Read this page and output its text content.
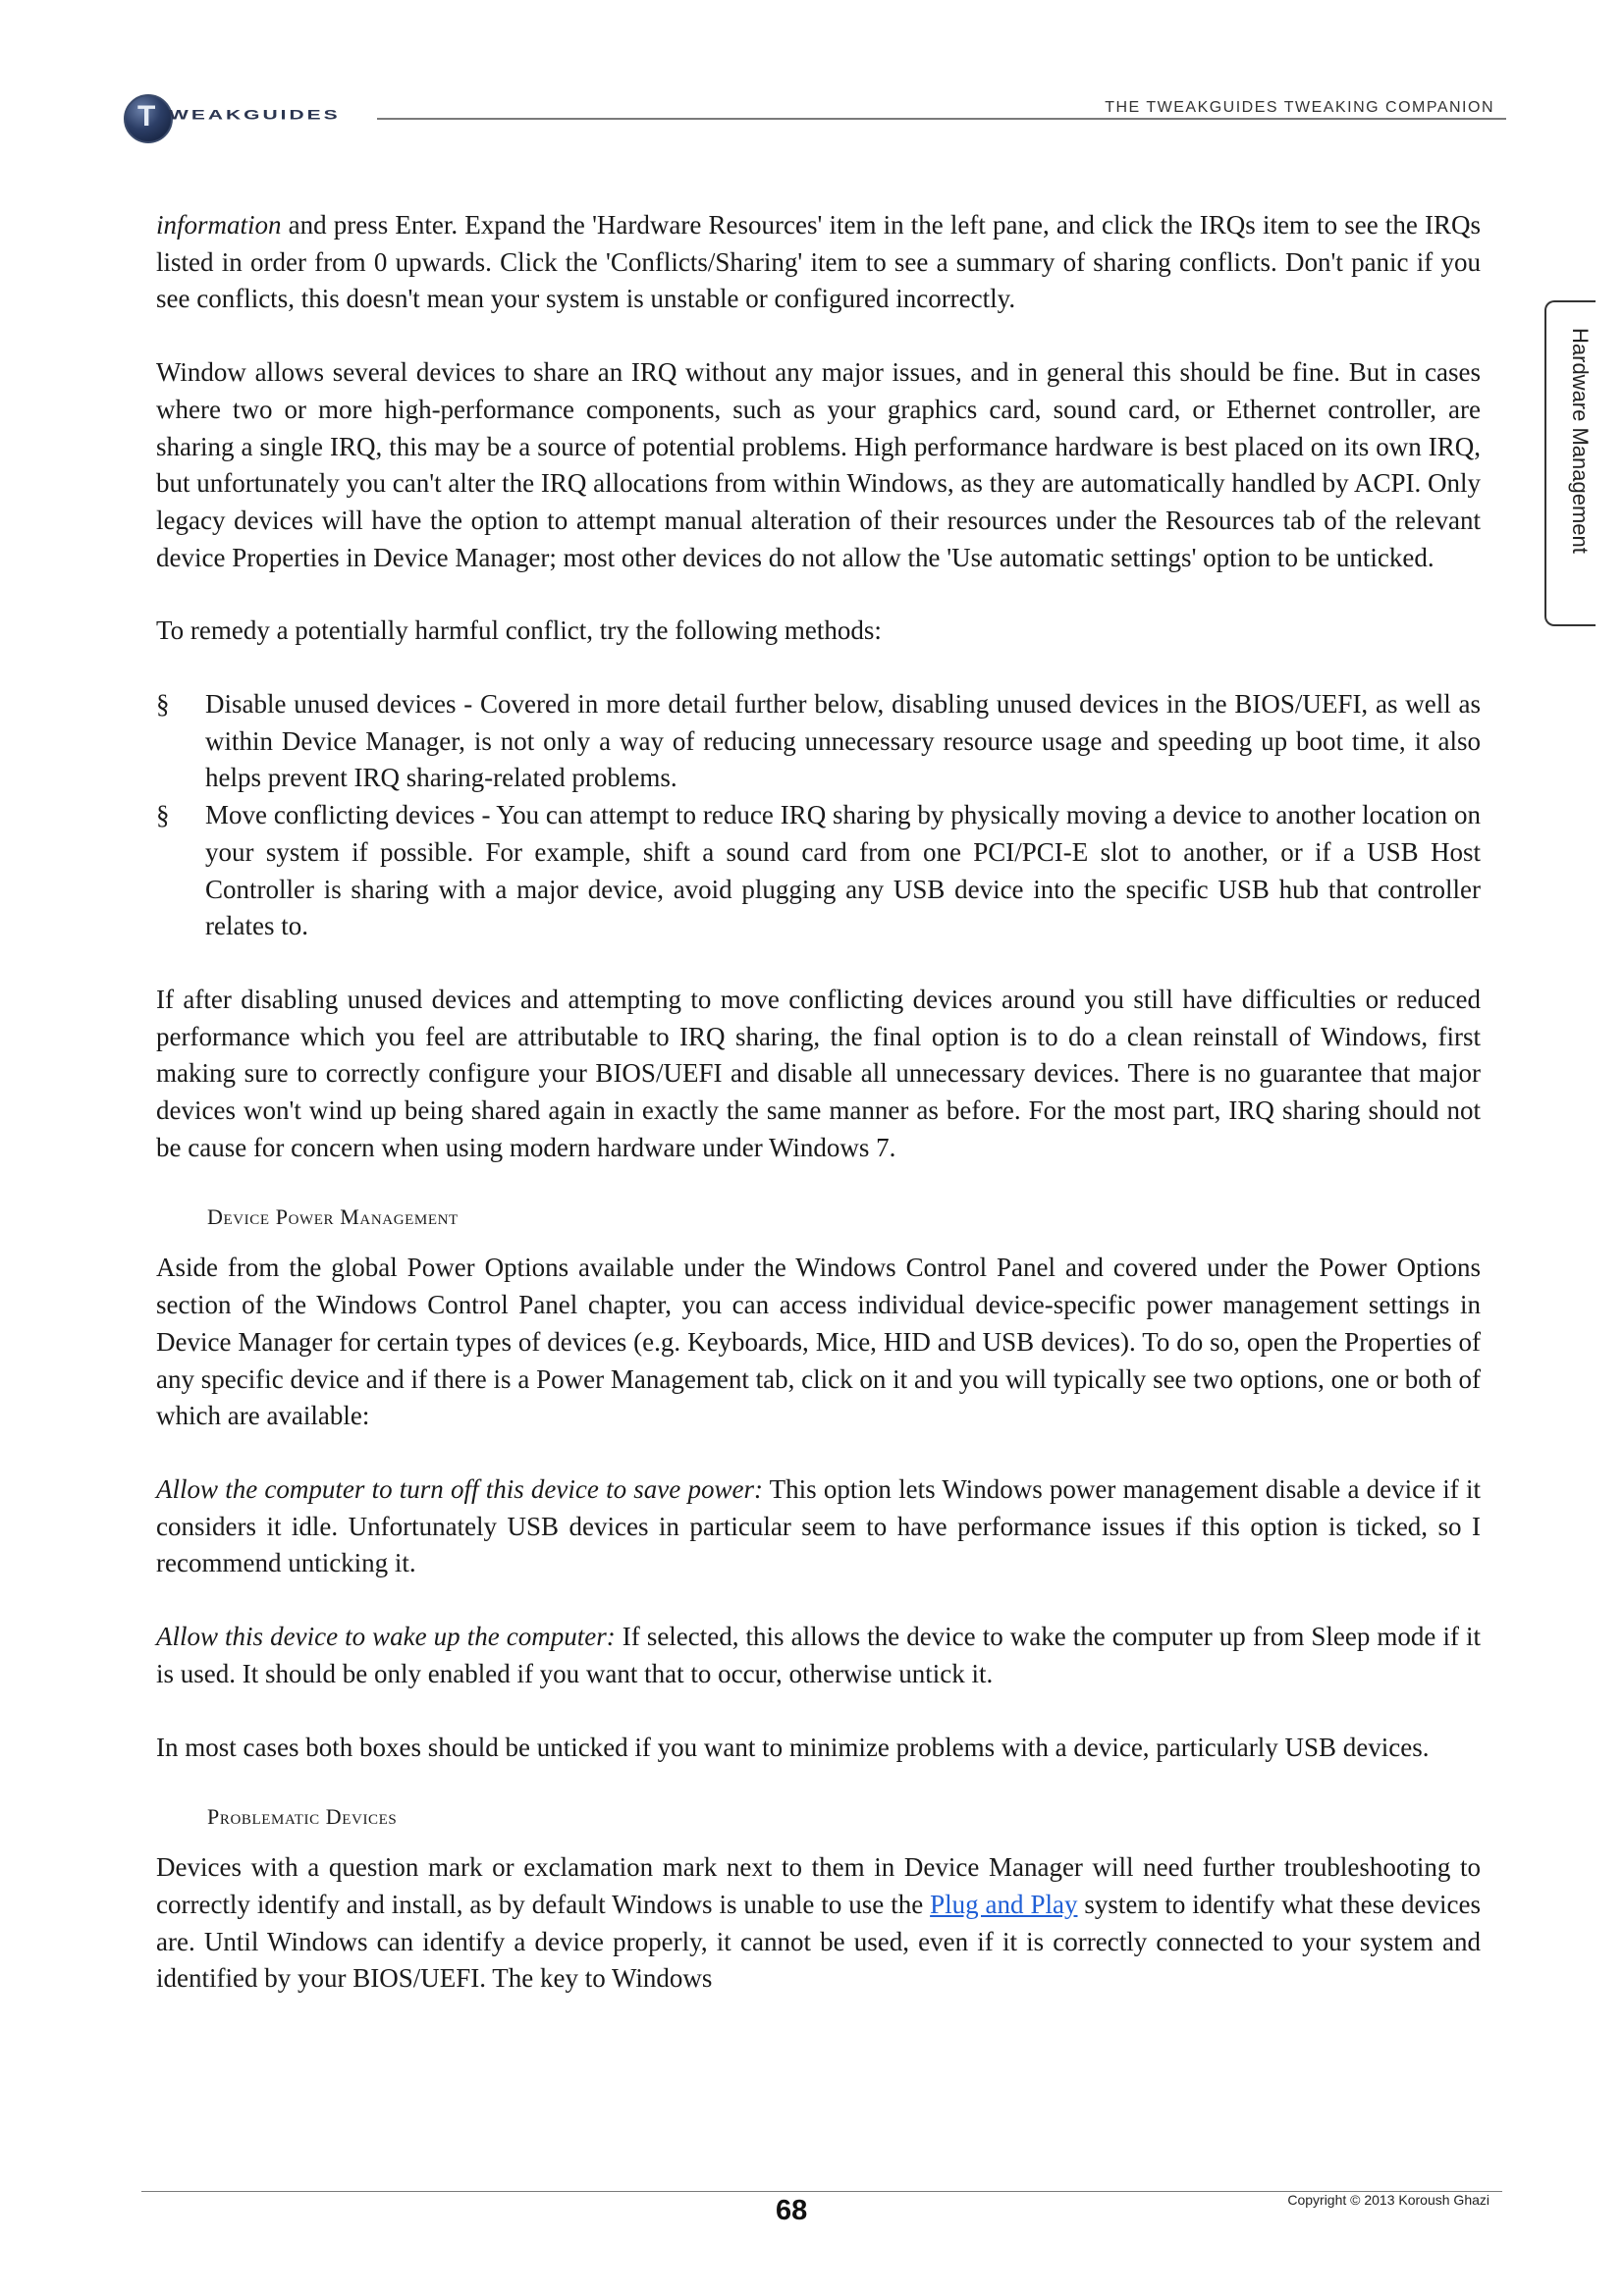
T
WEAKGUIDES	THE TWEAKGUIDES TWEAKING COMPANION
Hardware Management

information and press Enter. Expand the 'Hardware Resources' item in the left pane, and click the IRQs item to see the IRQs listed in order from 0 upwards. Click the 'Conflicts/Sharing' item to see a summary of sharing conflicts. Don't panic if you see conflicts, this doesn't mean your system is unstable or configured incorrectly.

Window allows several devices to share an IRQ without any major issues, and in general this should be fine. But in cases where two or more high-performance components, such as your graphics card, sound card, or Ethernet controller, are sharing a single IRQ, this may be a source of potential problems. High performance hardware is best placed on its own IRQ, but unfortunately you can't alter the IRQ allocations from within Windows, as they are automatically handled by ACPI. Only legacy devices will have the option to attempt manual alteration of their resources under the Resources tab of the relevant device Properties in Device Manager; most other devices do not allow the 'Use automatic settings' option to be unticked.

To remedy a potentially harmful conflict, try the following methods:

§ Disable unused devices - Covered in more detail further below, disabling unused devices in the BIOS/UEFI, as well as within Device Manager, is not only a way of reducing unnecessary resource usage and speeding up boot time, it also helps prevent IRQ sharing-related problems.
§ Move conflicting devices - You can attempt to reduce IRQ sharing by physically moving a device to another location on your system if possible. For example, shift a sound card from one PCI/PCI-E slot to another, or if a USB Host Controller is sharing with a major device, avoid plugging any USB device into the specific USB hub that controller relates to.

If after disabling unused devices and attempting to move conflicting devices around you still have difficulties or reduced performance which you feel are attributable to IRQ sharing, the final option is to do a clean reinstall of Windows, first making sure to correctly configure your BIOS/UEFI and disable all unnecessary devices. There is no guarantee that major devices won't wind up being shared again in exactly the same manner as before. For the most part, IRQ sharing should not be cause for concern when using modern hardware under Windows 7.

Device Power Management

Aside from the global Power Options available under the Windows Control Panel and covered under the Power Options section of the Windows Control Panel chapter, you can access individual device-specific power management settings in Device Manager for certain types of devices (e.g. Keyboards, Mice, HID and USB devices). To do so, open the Properties of any specific device and if there is a Power Management tab, click on it and you will typically see two options, one or both of which are available:

Allow the computer to turn off this device to save power: This option lets Windows power management disable a device if it considers it idle. Unfortunately USB devices in particular seem to have performance issues if this option is ticked, so I recommend unticking it.

Allow this device to wake up the computer: If selected, this allows the device to wake the computer up from Sleep mode if it is used. It should be only enabled if you want that to occur, otherwise untick it.

In most cases both boxes should be unticked if you want to minimize problems with a device, particularly USB devices.

Problematic Devices

Devices with a question mark or exclamation mark next to them in Device Manager will need further troubleshooting to correctly identify and install, as by default Windows is unable to use the Plug and Play system to identify what these devices are. Until Windows can identify a device properly, it cannot be used, even if it is correctly connected to your system and identified by your BIOS/UEFI. The key to Windows

68	Copyright © 2013 Koroush Ghazi
